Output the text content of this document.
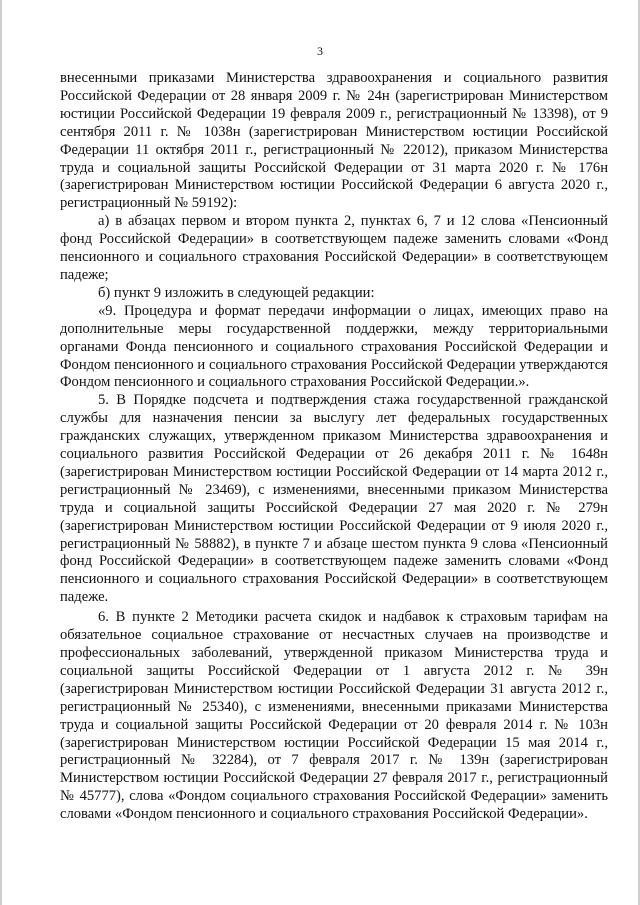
3

внесенными приказами Министерства здравоохранения и социального развития Российской Федерации от 28 января 2009 г. № 24н (зарегистрирован Министерством юстиции Российской Федерации 19 февраля 2009 г., регистрационный № 13398), от 9 сентября 2011 г. № 1038н (зарегистрирован Министерством юстиции Российской Федерации 11 октября 2011 г., регистрационный № 22012), приказом Министерства труда и социальной защиты Российской Федерации от 31 марта 2020 г. № 176н (зарегистрирован Министерством юстиции Российской Федерации 6 августа 2020 г., регистрационный № 59192):

а) в абзацах первом и втором пункта 2, пунктах 6, 7 и 12 слова «Пенсионный фонд Российской Федерации» в соответствующем падеже заменить словами «Фонд пенсионного и социального страхования Российской Федерации» в соответствующем падеже;

б) пункт 9 изложить в следующей редакции:

«9. Процедура и формат передачи информации о лицах, имеющих право на дополнительные меры государственной поддержки, между территориальными органами Фонда пенсионного и социального страхования Российской Федерации и Фондом пенсионного и социального страхования Российской Федерации утверждаются Фондом пенсионного и социального страхования Российской Федерации.».

5. В Порядке подсчета и подтверждения стажа государственной гражданской службы для назначения пенсии за выслугу лет федеральных государственных гражданских служащих, утвержденном приказом Министерства здравоохранения и социального развития Российской Федерации от 26 декабря 2011 г. № 1648н (зарегистрирован Министерством юстиции Российской Федерации от 14 марта 2012 г., регистрационный № 23469), с изменениями, внесенными приказом Министерства труда и социальной защиты Российской Федерации 27 мая 2020 г. № 279н (зарегистрирован Министерством юстиции Российской Федерации от 9 июля 2020 г., регистрационный № 58882), в пункте 7 и абзаце шестом пункта 9 слова «Пенсионный фонд Российской Федерации» в соответствующем падеже заменить словами «Фонд пенсионного и социального страхования Российской Федерации» в соответствующем падеже.

6. В пункте 2 Методики расчета скидок и надбавок к страховым тарифам на обязательное социальное страхование от несчастных случаев на производстве и профессиональных заболеваний, утвержденной приказом Министерства труда и социальной защиты Российской Федерации от 1 августа 2012 г. № 39н (зарегистрирован Министерством юстиции Российской Федерации 31 августа 2012 г., регистрационный № 25340), с изменениями, внесенными приказами Министерства труда и социальной защиты Российской Федерации от 20 февраля 2014 г. № 103н (зарегистрирован Министерством юстиции Российской Федерации 15 мая 2014 г., регистрационный № 32284), от 7 февраля 2017 г. № 139н (зарегистрирован Министерством юстиции Российской Федерации 27 февраля 2017 г., регистрационный № 45777), слова «Фондом социального страхования Российской Федерации» заменить словами «Фондом пенсионного и социального страхования Российской Федерации».
